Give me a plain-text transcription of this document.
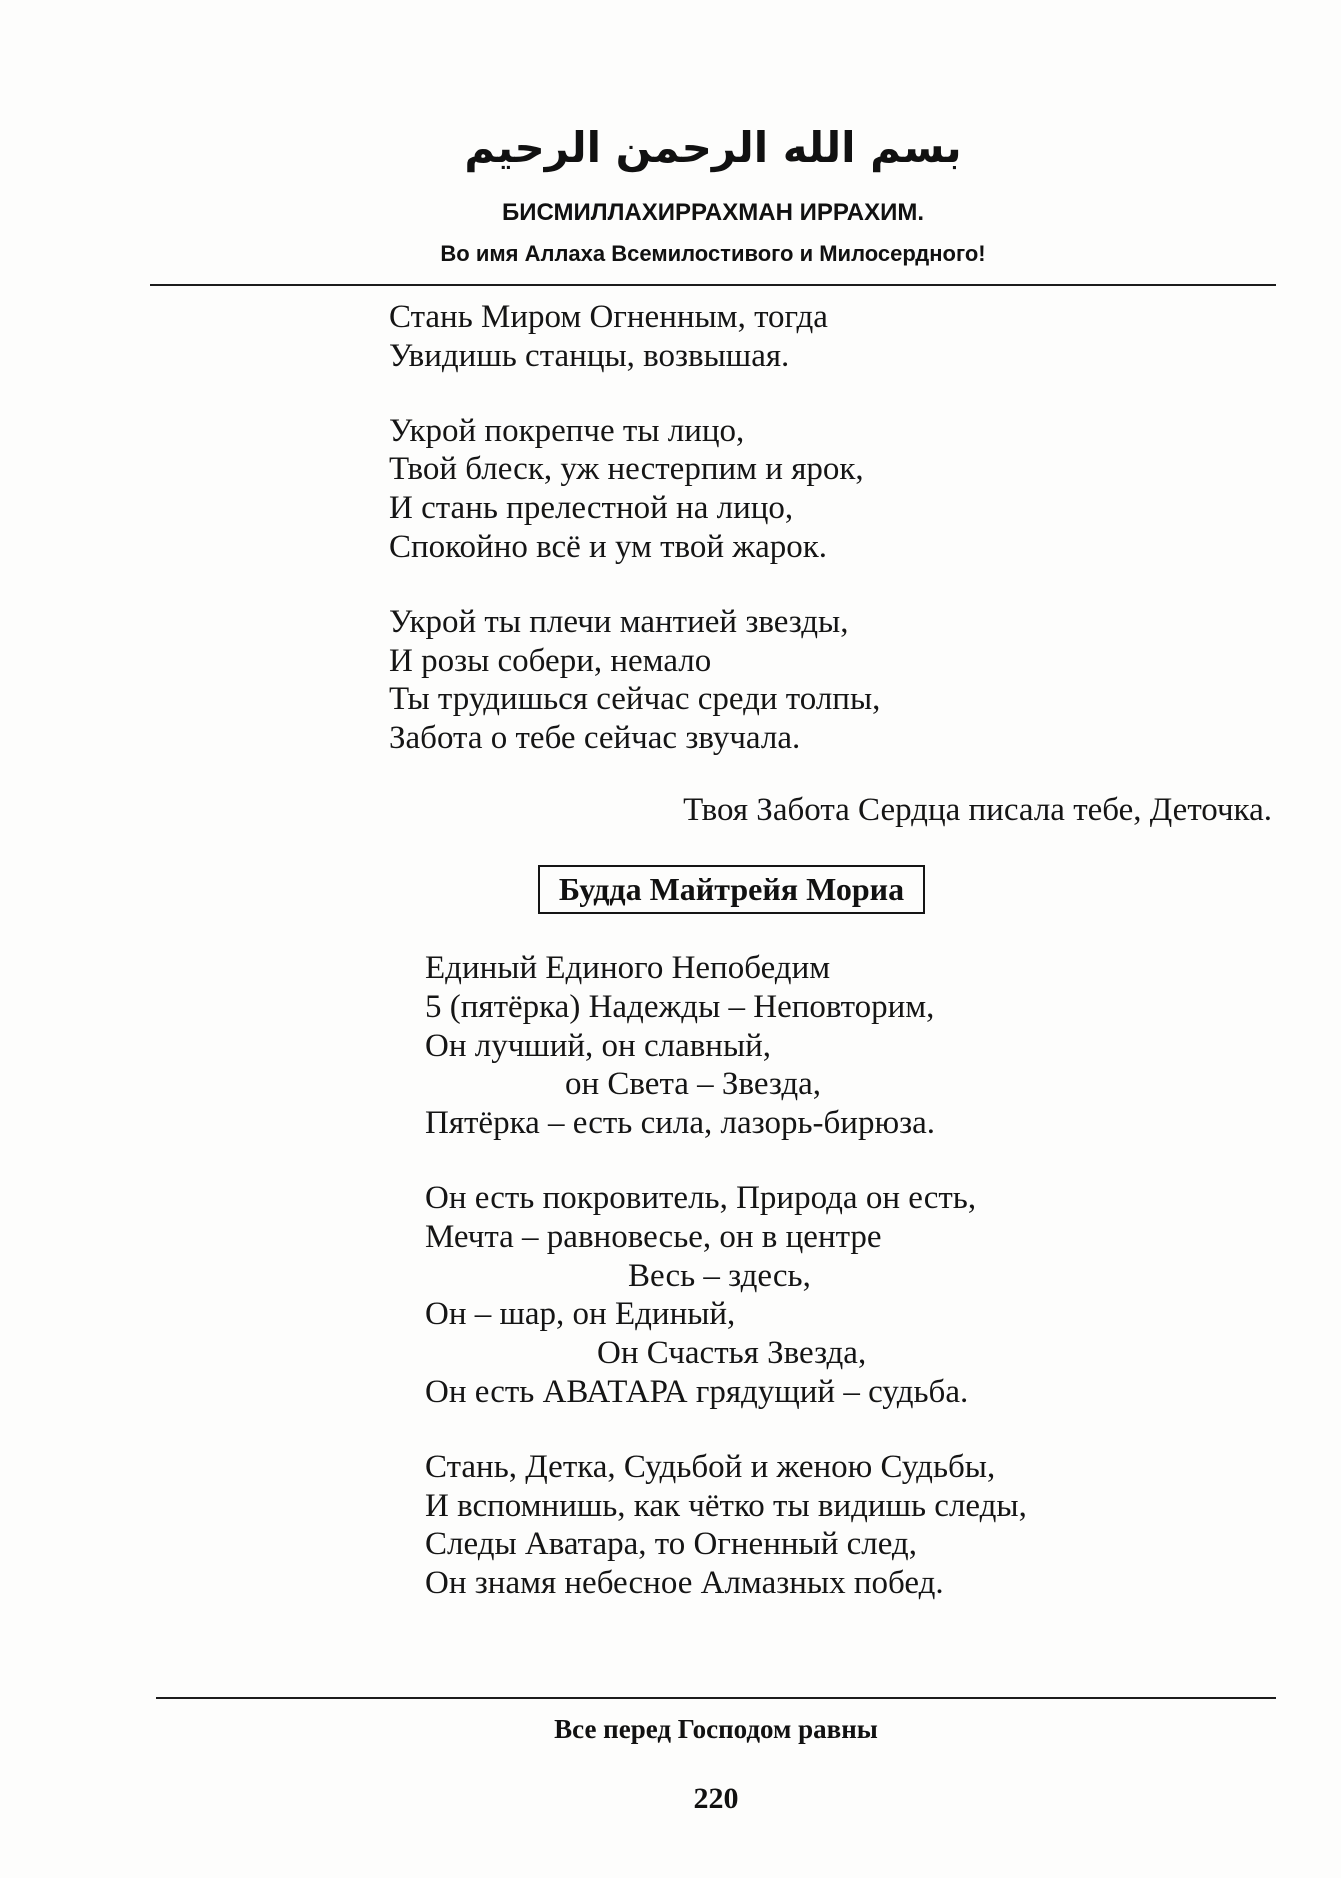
بسم الله الرحمن الرحيم
БИСМИЛЛАХИРРАХМАН ИРРАХИМ.
Во имя Аллаха Всемилостивого и Милосердного!
Стань Миром Огненным, тогда
Увидишь станцы, возвышая.
Укрой покрепче ты лицо,
Твой блеск, уж нестерпим и ярок,
И стань прелестной на лицо,
Спокойно всё и ум твой жарок.
Укрой ты плечи мантией звезды,
И розы собери, немало
Ты трудишься сейчас среди толпы,
Забота о тебе сейчас звучала.
Твоя Забота Сердца писала тебе, Деточка.
Будда Майтрейя Мориа
Единый Единого Непобедим
5 (пятёрка) Надежды – Неповторим,
Он лучший, он славный,
он Света – Звезда,
Пятёрка – есть сила, лазорь-бирюза.
Он есть покровитель, Природа он есть,
Мечта – равновесье, он в центре
Весь – здесь,
Он – шар, он Единый,
Он Счастья Звезда,
Он есть АВАТАРА грядущий – судьба.
Стань, Детка, Судьбой и женою Судьбы,
И вспомнишь, как чётко ты видишь следы,
Следы Аватара, то Огненный след,
Он знамя небесное Алмазных побед.
Все перед Господом равны
220
